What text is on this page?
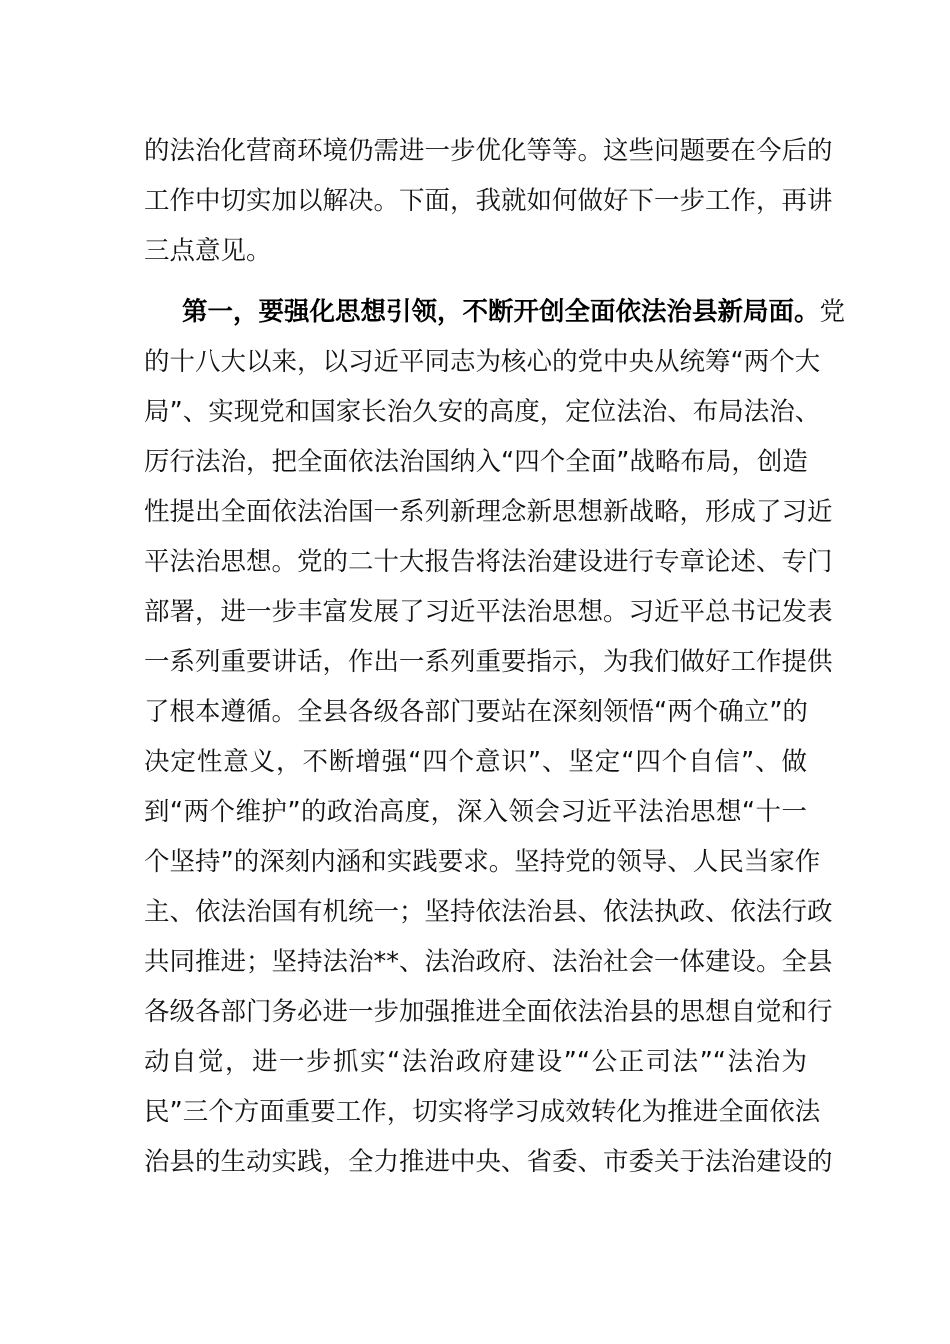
的法治化营商环境仍需进一步优化等等。这些问题要在今后的
工作中切实加以解决。下面，我就如何做好下一步工作，再讲
三点意见。
第一，要强化思想引领，不断开创全面依法治县新局面。党
的十八大以来，以习近平同志为核心的党中央从统筹“两个大
局”、实现党和国家长治久安的高度，定位法治、布局法治、
厉行法治，把全面依法治国纳入“四个全面”战略布局，创造
性提出全面依法治国一系列新理念新思想新战略，形成了习近
平法治思想。党的二十大报告将法治建设进行专章论述、专门
部署，进一步丰富发展了习近平法治思想。习近平总书记发表
一系列重要讲话，作出一系列重要指示，为我们做好工作提供
了根本遵循。全县各级各部门要站在深刻领悟“两个确立”的
决定性意义，不断增强“四个意识”、坚定“四个自信”、做
到“两个维护”的政治高度，深入领会习近平法治思想“十一
个坚持”的深刻内涵和实践要求。坚持党的领导、人民当家作
主、依法治国有机统一；坚持依法治县、依法执政、依法行政
共同推进；坚持法治**、法治政府、法治社会一体建设。全县
各级各部门务必进一步加强推进全面依法治县的思想自觉和行
动自觉，进一步抓实“法治政府建设”“公正司法”“法治为
民”三个方面重要工作，切实将学习成效转化为推进全面依法
治县的生动实践，全力推进中央、省委、市委关于法治建设的
